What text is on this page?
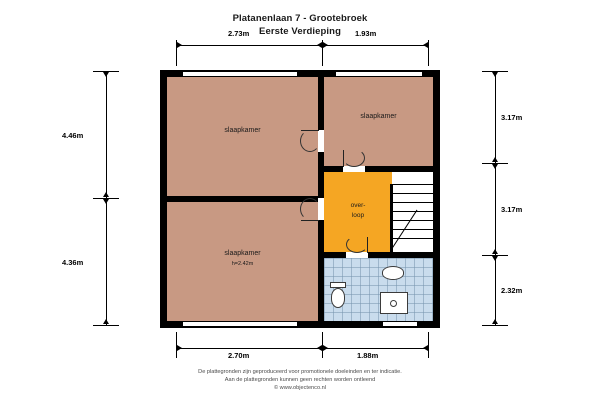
Platanenlaan 7 - Grootebroek
Eerste Verdieping
2.73m	1.93m
2.70m	1.88m
4.46m
4.36m
3.17m
3.17m
2.32m
slaapkamer
slaapkamer
h=2.42m
slaapkamer
over-
loop
De plattegronden zijn geproduceerd voor promotionele doeleinden en ter indicatie.
Aan de plattegronden kunnen geen rechten worden ontleend
© www.objectenco.nl
